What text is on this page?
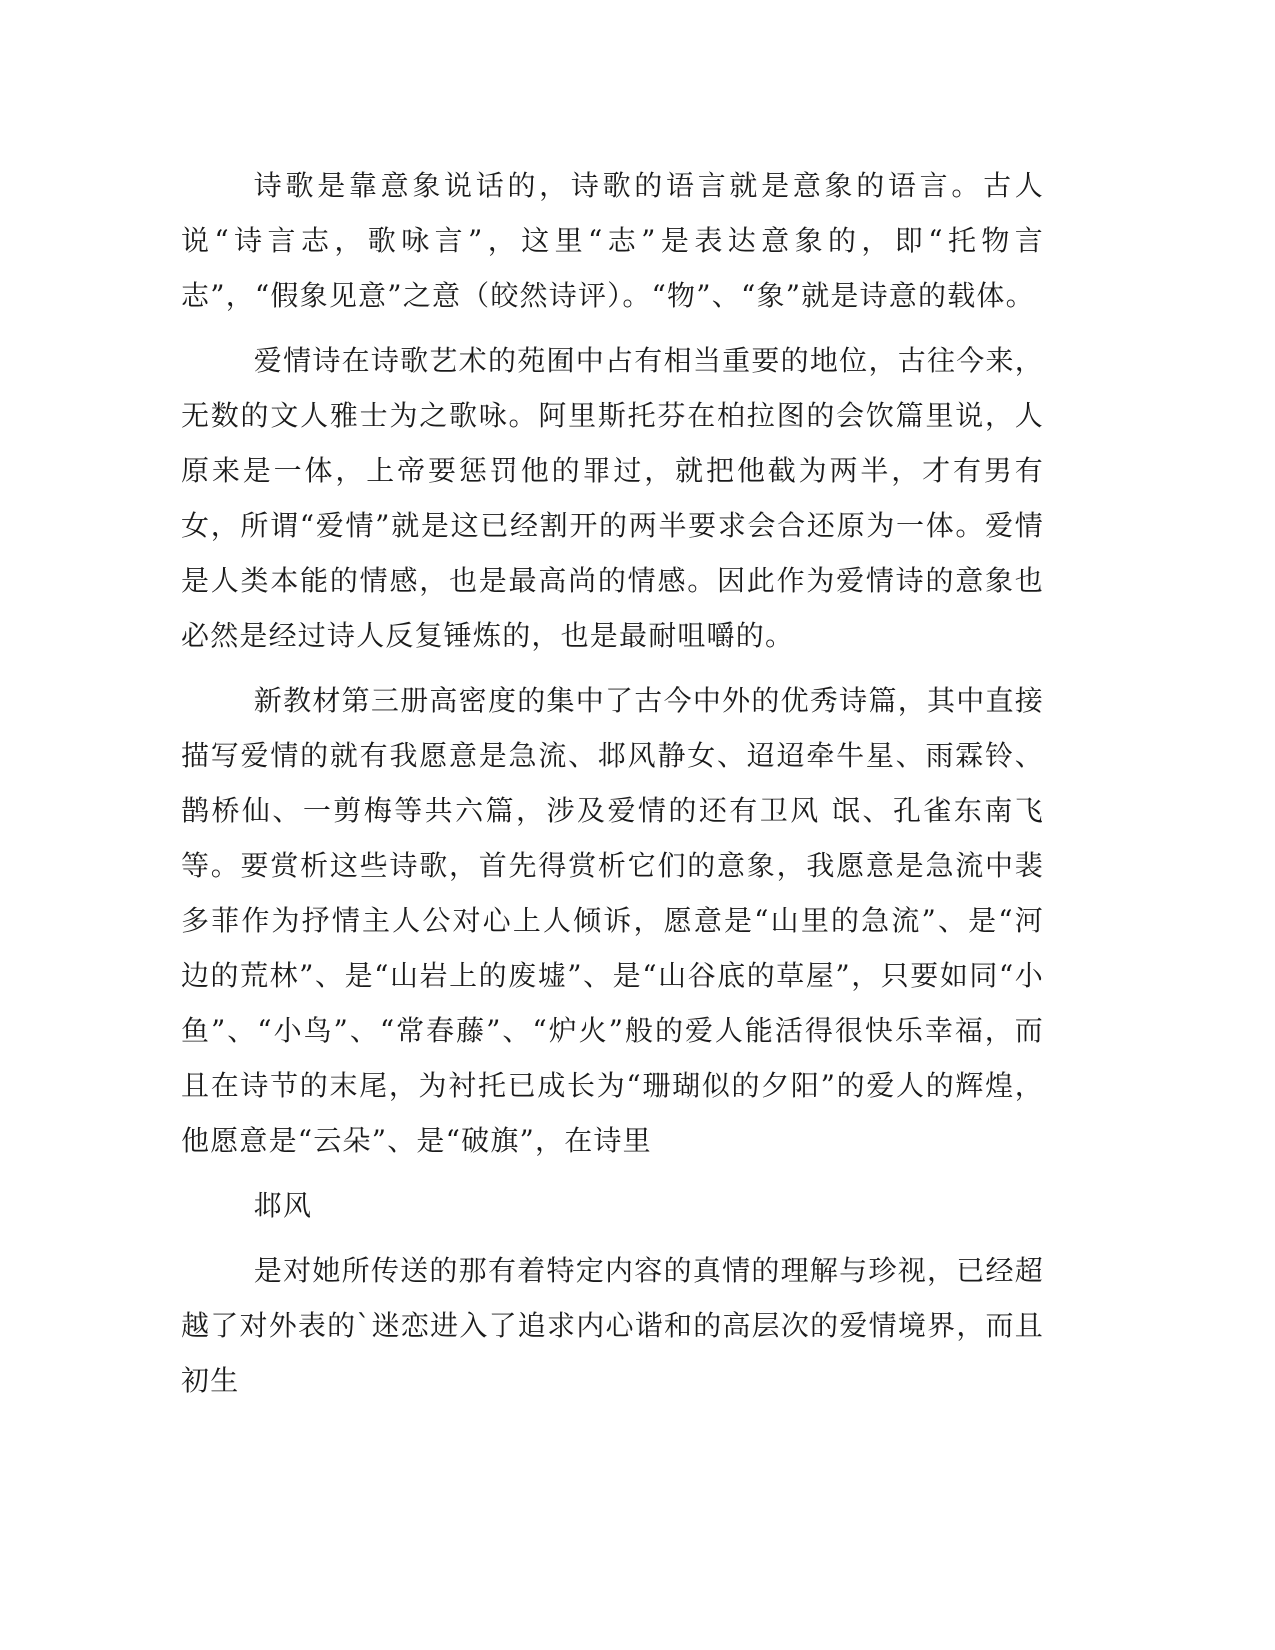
诗歌是靠意象说话的，诗歌的语言就是意象的语言。古人说“诗言志，歌咏言”，这里“志”是表达意象的，即“托物言志”，“假象见意”之意（皎然诗评）。“物”、“象”就是诗意的载体。

爱情诗在诗歌艺术的苑囿中占有相当重要的地位，古往今来，无数的文人雅士为之歌咏。阿里斯托芬在柏拉图的会饮篇里说，人原来是一体，上帝要惩罚他的罪过，就把他截为两半，才有男有女，所谓“爱情”就是这已经割开的两半要求会合还原为一体。爱情是人类本能的情感，也是最高尚的情感。因此作为爱情诗的意象也必然是经过诗人反复锤炼的，也是最耐咀嚼的。

新教材第三册高密度的集中了古今中外的优秀诗篇，其中直接描写爱情的就有我愿意是急流、邶风静女、迢迢牵牛星、雨霖铃、鹊桥仙、一剪梅等共六篇，涉及爱情的还有卫风 氓、孔雀东南飞等。要赏析这些诗歌，首先得赏析它们的意象，我愿意是急流中裴多菲作为抒情主人公对心上人倾诉，愿意是“山里的急流”、是“河边的荒林”、是“山岩上的废墟”、是“山谷底的草屋”，只要如同“小鱼”、“小鸟”、“常春藤”、“炉火”般的爱人能活得很快乐幸福，而且在诗节的末尾，为衬托已成长为“珊瑚似的夕阳”的爱人的辉煌，他愿意是“云朵”、是“破旗”，在诗里

邶风

是对她所传送的那有着特定内容的真情的理解与珍视，已经超越了对外表的`迷恋进入了追求内心谐和的高层次的爱情境界，而且初生
